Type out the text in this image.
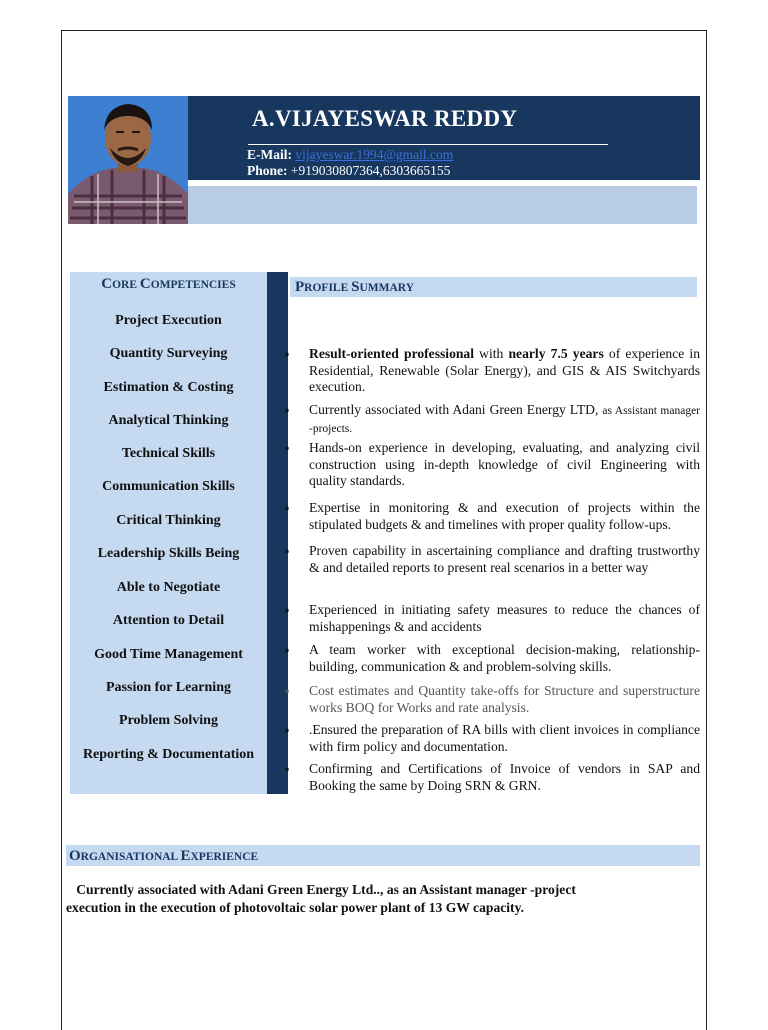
A.VIJAYESWAR REDDY
E-Mail: vijayeswar.1994@gmail.com
Phone: +919030807364,6303665155
CORE COMPETENCIES
Project Execution
Quantity Surveying
Estimation & Costing
Analytical Thinking
Technical Skills
Communication Skills
Critical Thinking
Leadership Skills Being
Able to Negotiate
Attention to Detail
Good Time Management
Passion for Learning
Problem Solving
Reporting & Documentation
PROFILE SUMMARY
▪ Result-oriented professional with nearly 7.5 years of experience in Residential, Renewable (Solar Energy), and GIS & AIS Switchyards execution.
▪ Currently associated with Adani Green Energy LTD, as Assistant manager -projects.
▪ Hands-on experience in developing, evaluating, and analyzing civil construction using in-depth knowledge of civil Engineering with quality standards.
▪ Expertise in monitoring & and execution of projects within the stipulated budgets & and timelines with proper quality follow-ups.
▪ Proven capability in ascertaining compliance and drafting trustworthy & and detailed reports to present real scenarios in a better way
▪ Experienced in initiating safety measures to reduce the chances of mishappenings & and accidents
▪ A team worker with exceptional decision-making, relationship-building, communication & and problem-solving skills.
▪ Cost estimates and Quantity take-offs for Structure and superstructure works BOQ for Works and rate analysis.
▪ .Ensured the preparation of RA bills with client invoices in compliance with firm policy and documentation.
▪ Confirming and Certifications of Invoice of vendors in SAP and Booking the same by Doing SRN & GRN.
ORGANISATIONAL EXPERIENCE
Currently associated with Adani Green Energy Ltd.., as an Assistant manager -project
execution in the execution of photovoltaic solar power plant of 13 GW capacity.
